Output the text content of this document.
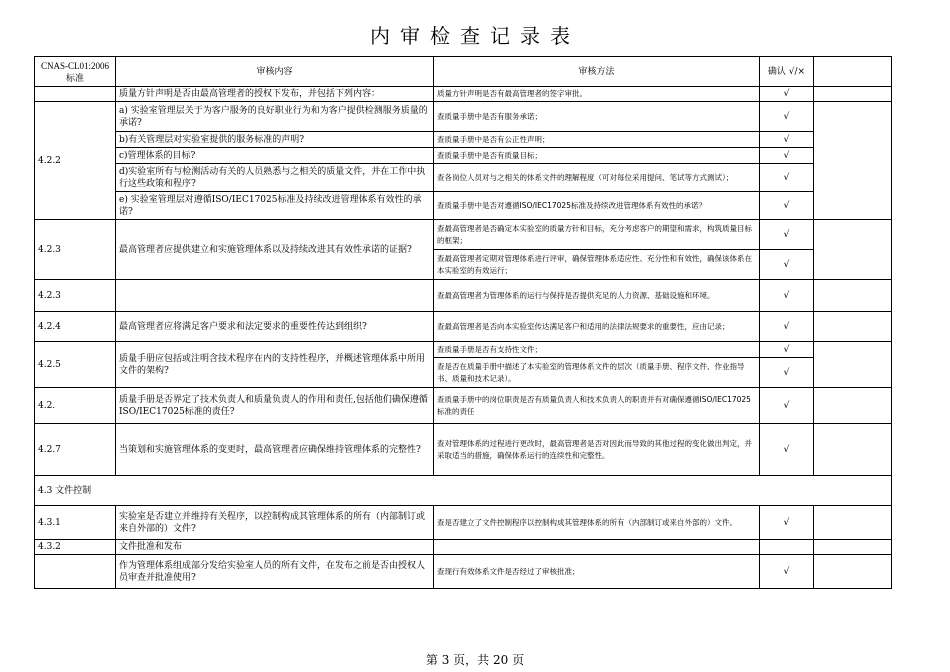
内审检查记录表
CNAS-CL01:2006 标准	审核内容	审核方法	确认 √/×	
	质量方针声明是否由最高管理者的授权下发布，并包括下列内容：	质量方针声明是否有最高管理者的签字审批。	√	
4.2.2	a) 实验室管理层关于为客户服务的良好职业行为和为客户提供检测服务质量的承诺?	查质量手册中是否有服务承诺；	√	
	b)有关管理层对实验室提供的服务标准的声明?	查质量手册中是否有公正性声明；	√	
	c)管理体系的目标?	查质量手册中是否有质量目标；	√	
	d)实验室所有与检测活动有关的人员熟悉与之相关的质量文件，并在工作中执行这些政策和程序?	查各岗位人员对与之相关的体系文件的理解程度（可对每位采用提问、笔试等方式测试）；	√	
	e) 实验室管理层对遵循ISO/IEC17025标准及持续改进管理体系有效性的承诺?	查质量手册中是否对遵循ISO/IEC17025标准及持续改进管理体系有效性的承诺？	√	
4.2.3	最高管理者应提供建立和实施管理体系以及持续改进其有效性承诺的证据?	查最高管理者是否确定本实验室的质量方针和目标，充分考虑客户的期望和需求，构筑质量目标的框架；	√	
		查最高管理者定期对管理体系进行评审，确保管理体系适应性、充分性和有效性，确保该体系在本实验室的有效运行；	√	
4.2.3		查最高管理者为管理体系的运行与保持是否提供充足的人力资源、基础设施和环境。	√	
4.2.4	最高管理者应将满足客户要求和法定要求的重要性传达到组织?	查最高管理者是否向本实验室传达满足客户和适用的法律法规要求的重要性，应由记录；	√	
4.2.5	质量手册应包括或注明含技术程序在内的支持性程序，并概述管理体系中所用文件的架构?	查质量手册是否有支持性文件；	√	
		查是否在质量手册中描述了本实验室的管理体系文件的层次（质量手册、程序文件、作业指导书、质量和技术记录）。	√	
4.2.	质量手册是否界定了技术负责人和质量负责人的作用和责任,包括他们确保遵循ISO/IEC17025标准的责任?	查质量手册中的岗位职责是否有质量负责人和技术负责人的职责并有对确保遵循ISO/IEC17025标准的责任	√	
4.2.7	当策划和实施管理体系的变更时，最高管理者应确保维持管理体系的完整性?	查对管理体系的过程进行更改时，最高管理者是否对因此而导致的其他过程的变化做出判定，并采取适当的措施，确保体系运行的连续性和完整性。	√	
4.3 文件控制				
4.3.1	实验室是否建立并维持有关程序，以控制构成其管理体系的所有（内部制订或来自外部的）文件?	查是否建立了文件控制程序以控制构成其管理体系的所有（内部制订或来自外部的）文件。	√	
4.3.2	文件批准和发布			
	作为管理体系组成部分发给实验室人员的所有文件，在发布之前是否由授权人员审查并批准使用?	查现行有效体系文件是否经过了审核批准；	√	
第 3 页，共 20 页
